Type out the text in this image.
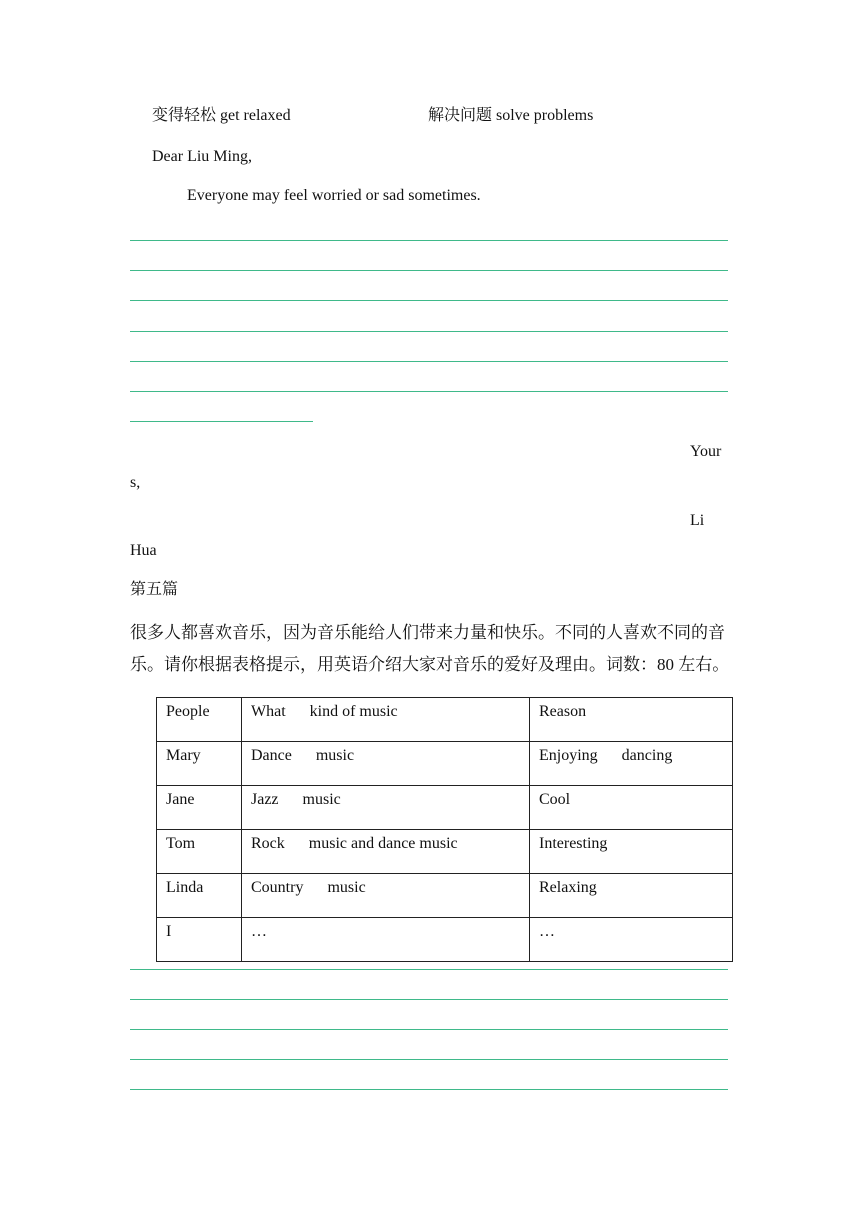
变得轻松 get relaxed	解决问题 solve problems
Dear Liu Ming,
Everyone may feel worried or sad sometimes.
Your
s,
Li
Hua
第五篇
很多人都喜欢音乐，因为音乐能给人们带来力量和快乐。不同的人喜欢不同的音
乐。请你根据表格提示，用英语介绍大家对音乐的爱好及理由。词数：80 左右。
People	What      kind of music	Reason
Mary	Dance      music	Enjoying      dancing
Jane	Jazz      music	Cool
Tom	Rock      music and dance music	Interesting
Linda	Country      music	Relaxing
I	…	…
